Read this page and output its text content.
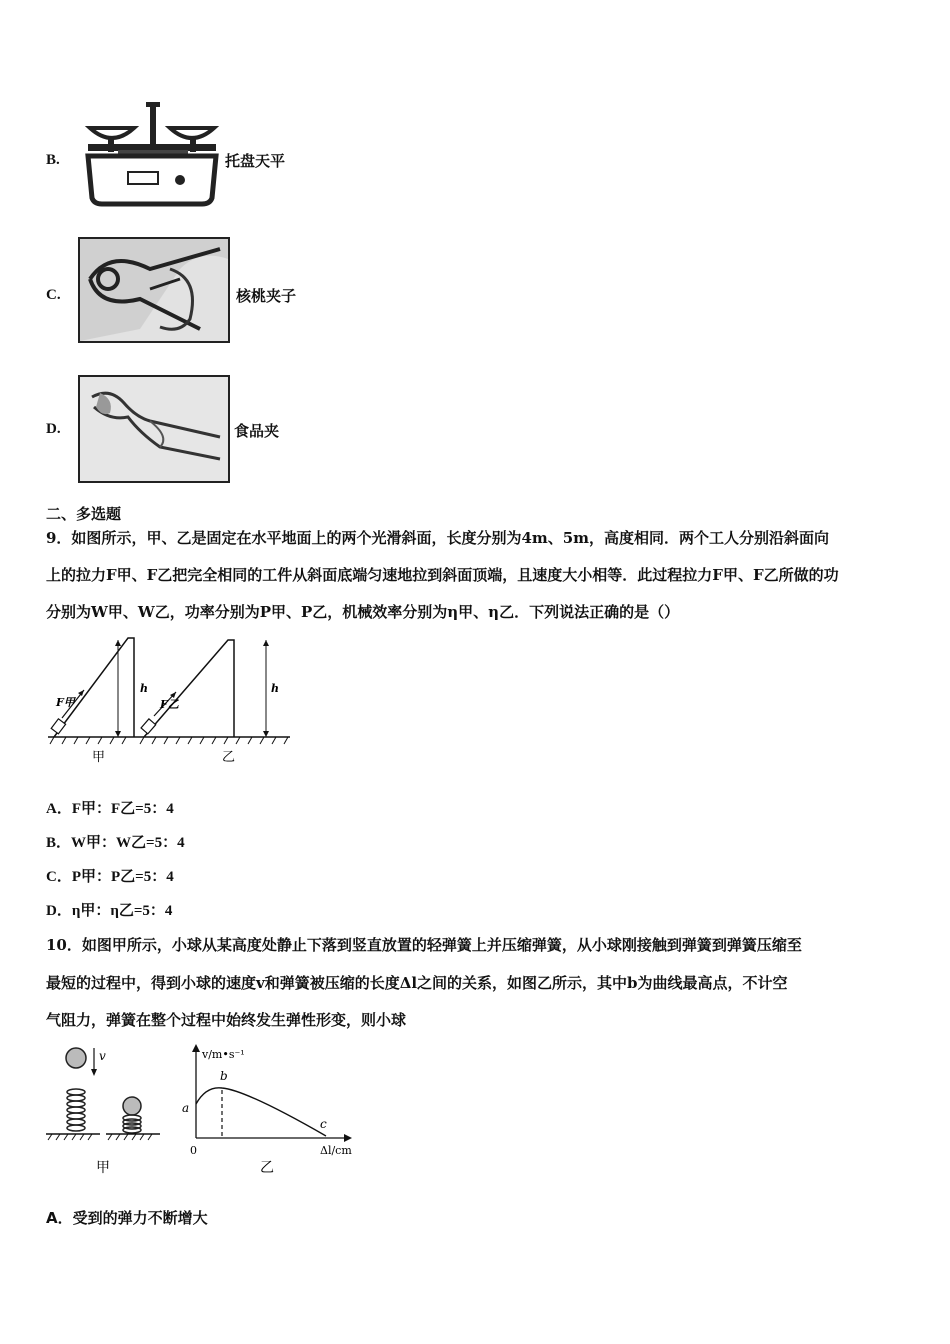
B.	托盘天平
C.	核桃夹子
D.	食品夹
二、多选题
9．如图所示，甲、乙是固定在水平地面上的两个光滑斜面，长度分别为4m、5m，高度相同．两个工人分别沿斜面向
上的拉力F甲、F乙把完全相同的工件从斜面底端匀速地拉到斜面顶端，且速度大小相等．此过程拉力F甲、F乙所做的功
分别为W甲、W乙，功率分别为P甲、P乙，机械效率分别为η甲、η乙．下列说法正确的是（）
F甲	F乙
h	h
甲	乙
A．F甲：F乙=5：4
B．W甲：W乙=5：4
C．P甲：P乙=5：4
D．η甲：η乙=5：4
10．如图甲所示，小球从某高度处静止下落到竖直放置的轻弹簧上并压缩弹簧，从小球刚接触到弹簧到弹簧压缩至
最短的过程中，得到小球的速度v和弹簧被压缩的长度Δl之间的关系，如图乙所示，其中b为曲线最高点，不计空
气阻力，弹簧在整个过程中始终发生弹性形变，则小球
v
甲
v/m•s⁻¹
Δl/cm
0
a
b
c
乙
A．受到的弹力不断增大
